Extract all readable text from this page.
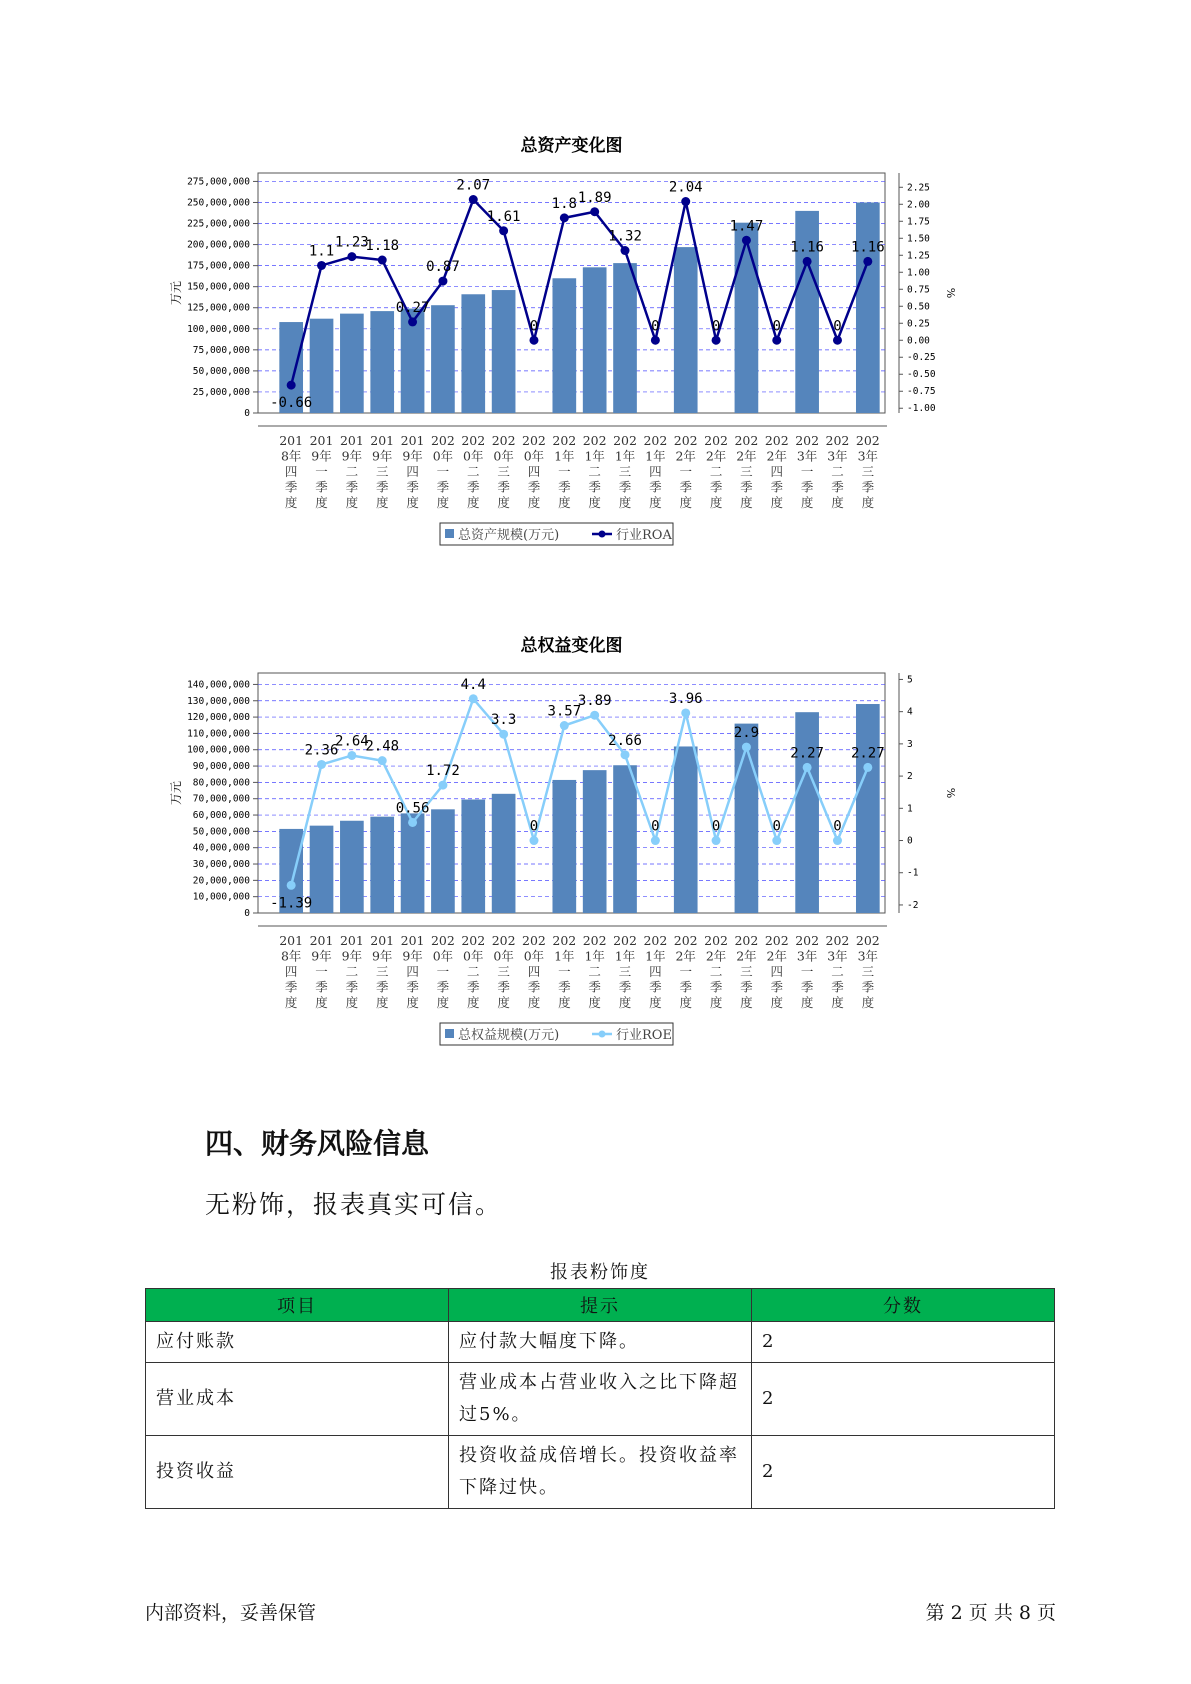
总资产变化图
0
25,000,000
50,000,000
75,000,000
100,000,000
125,000,000
150,000,000
175,000,000
200,000,000
225,000,000
250,000,000
275,000,000
万元
-1.00
-0.75
-0.50
-0.25
0.00
0.25
0.50
0.75
1.00
1.25
1.50
1.75
2.00
2.25
%
-0.66
1.1
1.23
1.18
0.27
0.87
2.07
1.61
0
1.8 1.89
1.32
0
2.04
0
1.47
0
1.16
0
1.16
201
8年
四
季
度
201
9年
一
季
度
201
9年
二
季
度
201
9年
三
季
度
201
9年
四
季
度
202
0年
一
季
度
202
0年
二
季
度
202
0年
三
季
度
202
0年
四
季
度
202
1年
一
季
度
202
1年
二
季
度
202
1年
三
季
度
202
1年
四
季
度
202
2年
一
季
度
202
2年
二
季
度
202
2年
三
季
度
202
2年
四
季
度
202
3年
一
季
度
202
3年
二
季
度
202
3年
三
季
度
总资产规模(万元)	行业ROA
总权益变化图
0
10,000,000
20,000,000
30,000,000
40,000,000
50,000,000
60,000,000
70,000,000
80,000,000
90,000,000
100,000,000
110,000,000
120,000,000
130,000,000
140,000,000
万元
-2
-1
0
1
2
3
4
5
%
-1.39
2.36
2.64
2.48
0.56
1.72
4.4
3.3
0
3.57
3.89
2.66
0
3.96
0
2.9
0
2.27
0
2.27
201
8年
四
季
度
201
9年
一
季
度
201
9年
二
季
度
201
9年
三
季
度
201
9年
四
季
度
202
0年
一
季
度
202
0年
二
季
度
202
0年
三
季
度
202
0年
四
季
度
202
1年
一
季
度
202
1年
二
季
度
202
1年
三
季
度
202
1年
四
季
度
202
2年
一
季
度
202
2年
二
季
度
202
2年
三
季
度
202
2年
四
季
度
202
3年
一
季
度
202
3年
二
季
度
202
3年
三
季
度
总权益规模(万元)	行业ROE
四、财务风险信息

无粉饰，报表真实可信。

报表粉饰度
项目	提示	分数
应付账款	应付款大幅度下降。	2
营业成本	营业成本占营业收入之比下降超过5%。	2
投资收益	投资收益成倍增长。投资收益率下降过快。	2
内部资料，妥善保管	第 2 页 共 8 页
